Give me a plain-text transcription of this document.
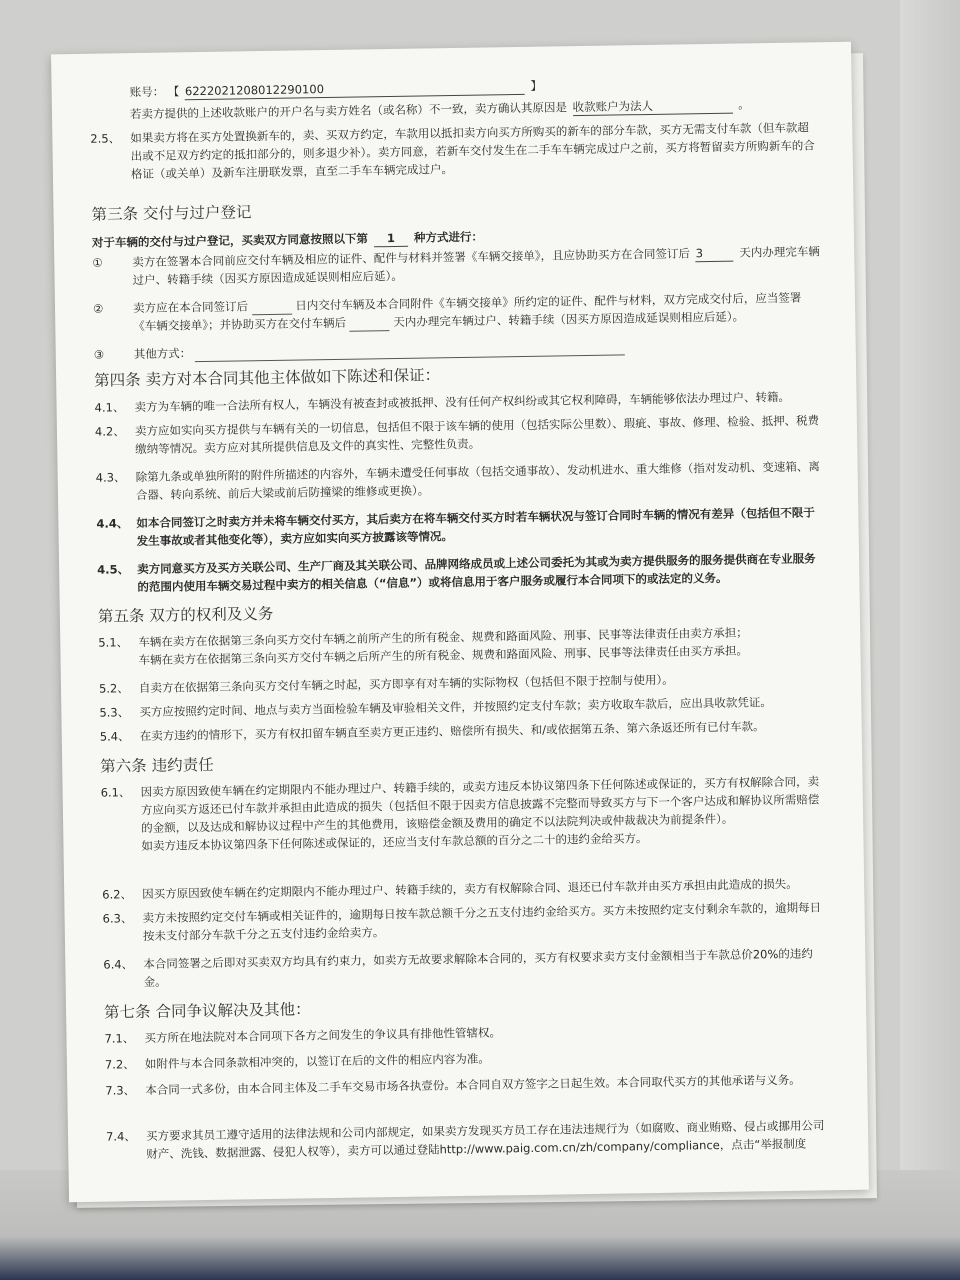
账号： 【 6222021208012290100	】
若卖方提供的上述收款账户的开户名与卖方姓名（或名称）不一致，卖方确认其原因是 收款账户为法人	。
2.5、 如果卖方将在买方处置换新车的，卖、买双方约定，车款用以抵扣卖方向买方所购买的新车的部分车款，买方无需支付车款（但车款超出或不足双方约定的抵扣部分的，则多退少补）。卖方同意，若新车交付发生在二手车车辆完成过户之前，买方将暂留卖方所购新车的合格证（或关单）及新车注册联发票，直至二手车车辆完成过户。
第三条 交付与过户登记
对于车辆的交付与过户登记，买卖双方同意按照以下第 1 种方式进行：
①	卖方在签署本合同前应交付车辆及相应的证件、配件与材料并签署《车辆交接单》，且应协助买方在合同签订后 3	天内办理完车辆过户、转籍手续（因买方原因造成延误则相应后延）。
②	卖方应在本合同签订后	日内交付车辆及本合同附件《车辆交接单》所约定的证件、配件与材料，双方完成交付后，应当签署《车辆交接单》；并协助买方在交付车辆后	天内办理完车辆过户、转籍手续（因买方原因造成延误则相应后延）。
③	其他方式：
第四条 卖方对本合同其他主体做如下陈述和保证：
4.1、 卖方为车辆的唯一合法所有权人，车辆没有被查封或被抵押、没有任何产权纠纷或其它权利障碍，车辆能够依法办理过户、转籍。
4.2、 卖方应如实向买方提供与车辆有关的一切信息，包括但不限于该车辆的使用（包括实际公里数）、瑕疵、事故、修理、检验、抵押、税费缴纳等情况。卖方应对其所提供信息及文件的真实性、完整性负责。
4.3、 除第九条或单独所附的附件所描述的内容外，车辆未遭受任何事故（包括交通事故）、发动机进水、重大维修（指对发动机、变速箱、离合器、转向系统、前后大梁或前后防撞梁的维修或更换）。
4.4、 如本合同签订之时卖方并未将车辆交付买方，其后卖方在将车辆交付买方时若车辆状况与签订合同时车辆的情况有差异（包括但不限于发生事故或者其他变化等），卖方应如实向买方披露该等情况。
4.5、 卖方同意买方及买方关联公司、生产厂商及其关联公司、品牌网络成员或上述公司委托为其或为卖方提供服务的服务提供商在专业服务的范围内使用车辆交易过程中卖方的相关信息（“信息”）或将信息用于客户服务或履行本合同项下的或法定的义务。
第五条 双方的权利及义务
5.1、 车辆在卖方在依据第三条向买方交付车辆之前所产生的所有税金、规费和路面风险、刑事、民事等法律责任由卖方承担；
车辆在卖方在依据第三条向买方交付车辆之后所产生的所有税金、规费和路面风险、刑事、民事等法律责任由买方承担。
5.2、 自卖方在依据第三条向买方交付车辆之时起，买方即享有对车辆的实际物权（包括但不限于控制与使用）。
5.3、 买方应按照约定时间、地点与卖方当面检验车辆及审验相关文件，并按照约定支付车款；卖方收取车款后，应出具收款凭证。
5.4、 在卖方违约的情形下，买方有权扣留车辆直至卖方更正违约、赔偿所有损失、和/或依据第五条、第六条返还所有已付车款。
第六条 违约责任
6.1、 因卖方原因致使车辆在约定期限内不能办理过户、转籍手续的，或卖方违反本协议第四条下任何陈述或保证的，买方有权解除合同，卖方应向买方返还已付车款并承担由此造成的损失（包括但不限于因卖方信息披露不完整而导致买方与下一个客户达成和解协议所需赔偿的金额，以及达成和解协议过程中产生的其他费用，该赔偿金额及费用的确定不以法院判决或仲裁裁决为前提条件）。
如卖方违反本协议第四条下任何陈述或保证的，还应当支付车款总额的百分之二十的违约金给买方。
6.2、 因买方原因致使车辆在约定期限内不能办理过户、转籍手续的，卖方有权解除合同、退还已付车款并由买方承担由此造成的损失。
6.3、 卖方未按照约定交付车辆或相关证件的，逾期每日按车款总额千分之五支付违约金给买方。买方未按照约定支付剩余车款的，逾期每日按未支付部分车款千分之五支付违约金给卖方。
6.4、 本合同签署之后即对买卖双方均具有约束力，如卖方无故要求解除本合同的，买方有权要求卖方支付金额相当于车款总价20%的违约金。
第七条 合同争议解决及其他：
7.1、 买方所在地法院对本合同项下各方之间发生的争议具有排他性管辖权。
7.2、 如附件与本合同条款相冲突的，以签订在后的文件的相应内容为准。
7.3、 本合同一式多份，由本合同主体及二手车交易市场各执壹份。本合同自双方签字之日起生效。本合同取代买方的其他承诺与义务。
7.4、 买方要求其员工遵守适用的法律法规和公司内部规定，如果卖方发现买方员工存在违法违规行为（如腐败、商业贿赂、侵占或挪用公司财产、洗钱、数据泄露、侵犯人权等），卖方可以通过登陆http://www.paig.com.cn/zh/company/compliance，点击“举报制度
